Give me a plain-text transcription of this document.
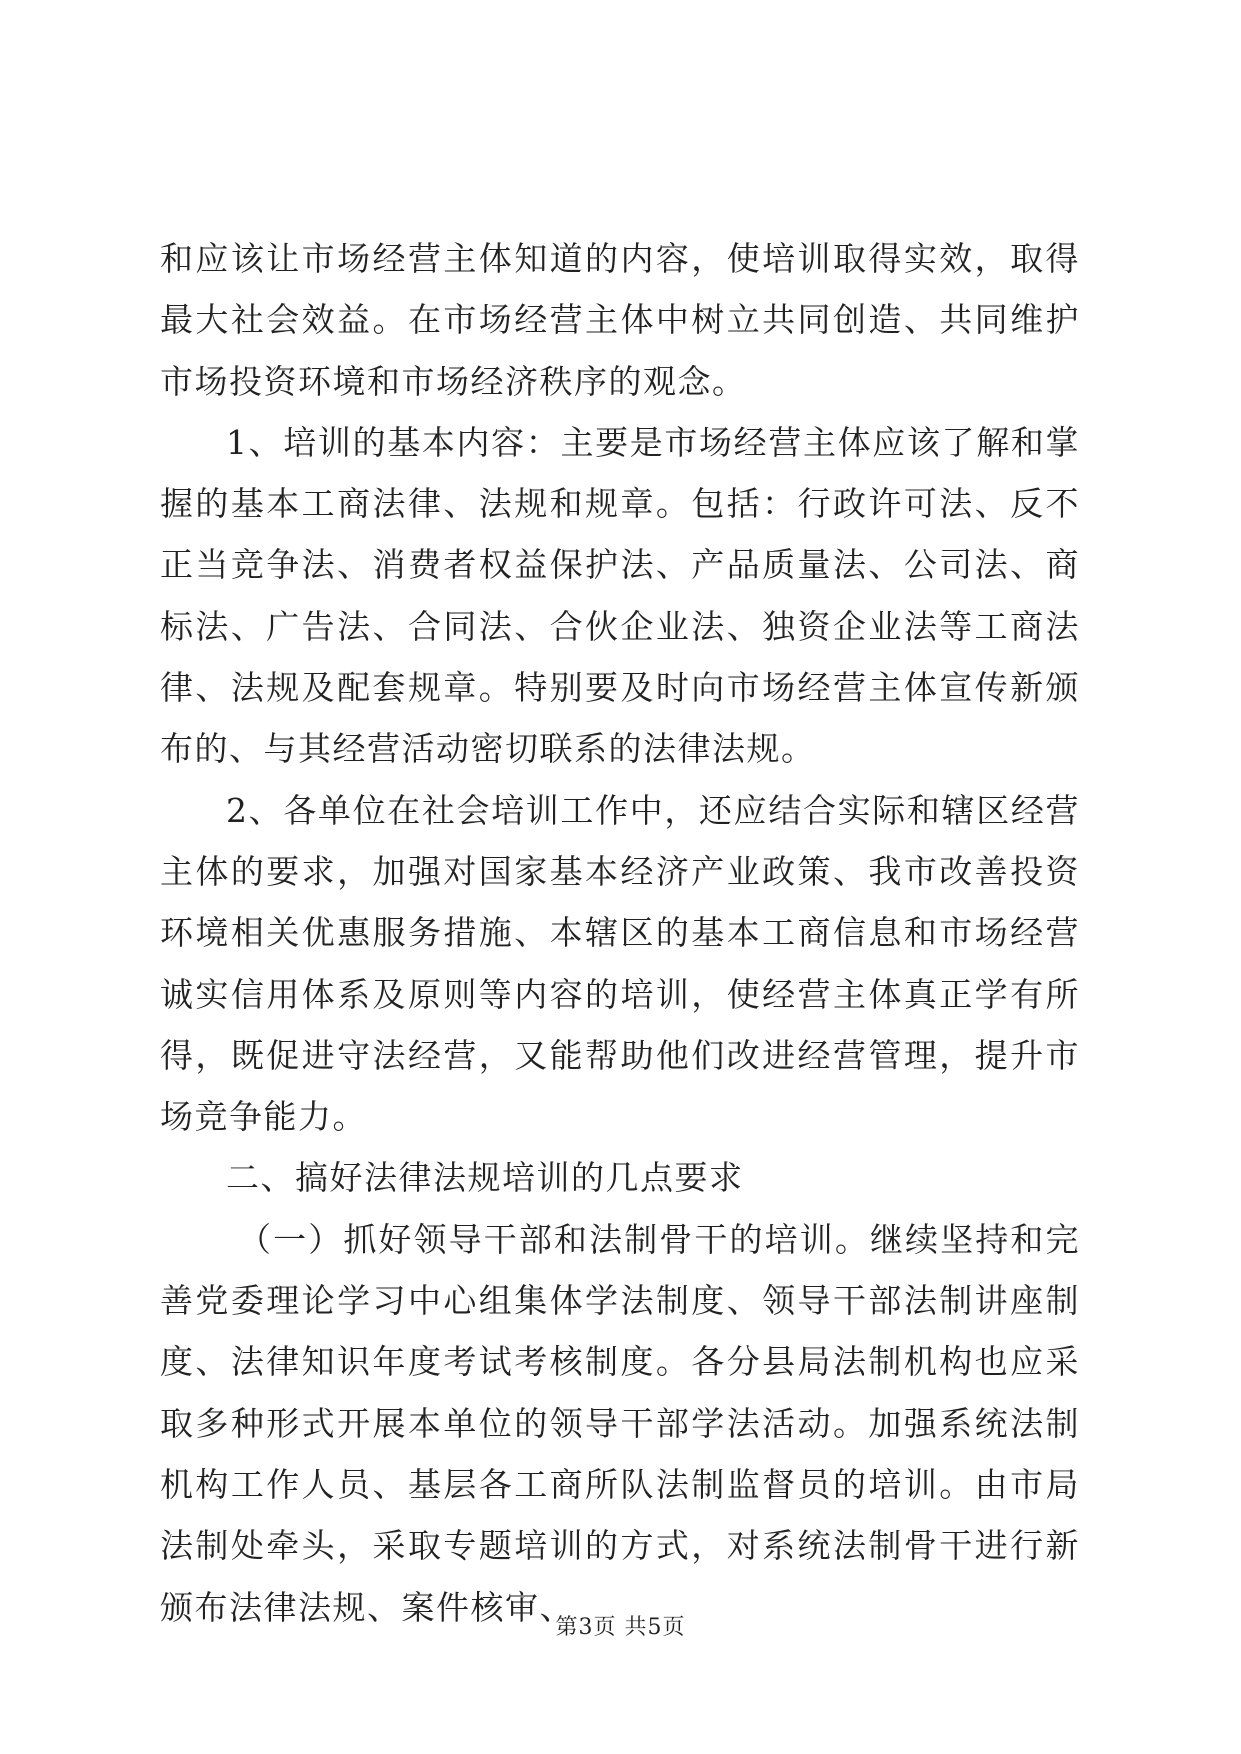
和应该让市场经营主体知道的内容，使培训取得实效，取得最大社会效益。在市场经营主体中树立共同创造、共同维护市场投资环境和市场经济秩序的观念。

1、培训的基本内容：主要是市场经营主体应该了解和掌握的基本工商法律、法规和规章。包括：行政许可法、反不正当竞争法、消费者权益保护法、产品质量法、公司法、商标法、广告法、合同法、合伙企业法、独资企业法等工商法律、法规及配套规章。特别要及时向市场经营主体宣传新颁布的、与其经营活动密切联系的法律法规。

2、各单位在社会培训工作中，还应结合实际和辖区经营主体的要求，加强对国家基本经济产业政策、我市改善投资环境相关优惠服务措施、本辖区的基本工商信息和市场经营诚实信用体系及原则等内容的培训，使经营主体真正学有所得，既促进守法经营，又能帮助他们改进经营管理，提升市场竞争能力。

二、搞好法律法规培训的几点要求

（一）抓好领导干部和法制骨干的培训。继续坚持和完善党委理论学习中心组集体学法制度、领导干部法制讲座制度、法律知识年度考试考核制度。各分县局法制机构也应采取多种形式开展本单位的领导干部学法活动。加强系统法制机构工作人员、基层各工商所队法制监督员的培训。由市局法制处牵头，采取专题培训的方式，对系统法制骨干进行新颁布法律法规、案件核审、

第3页 共5页
